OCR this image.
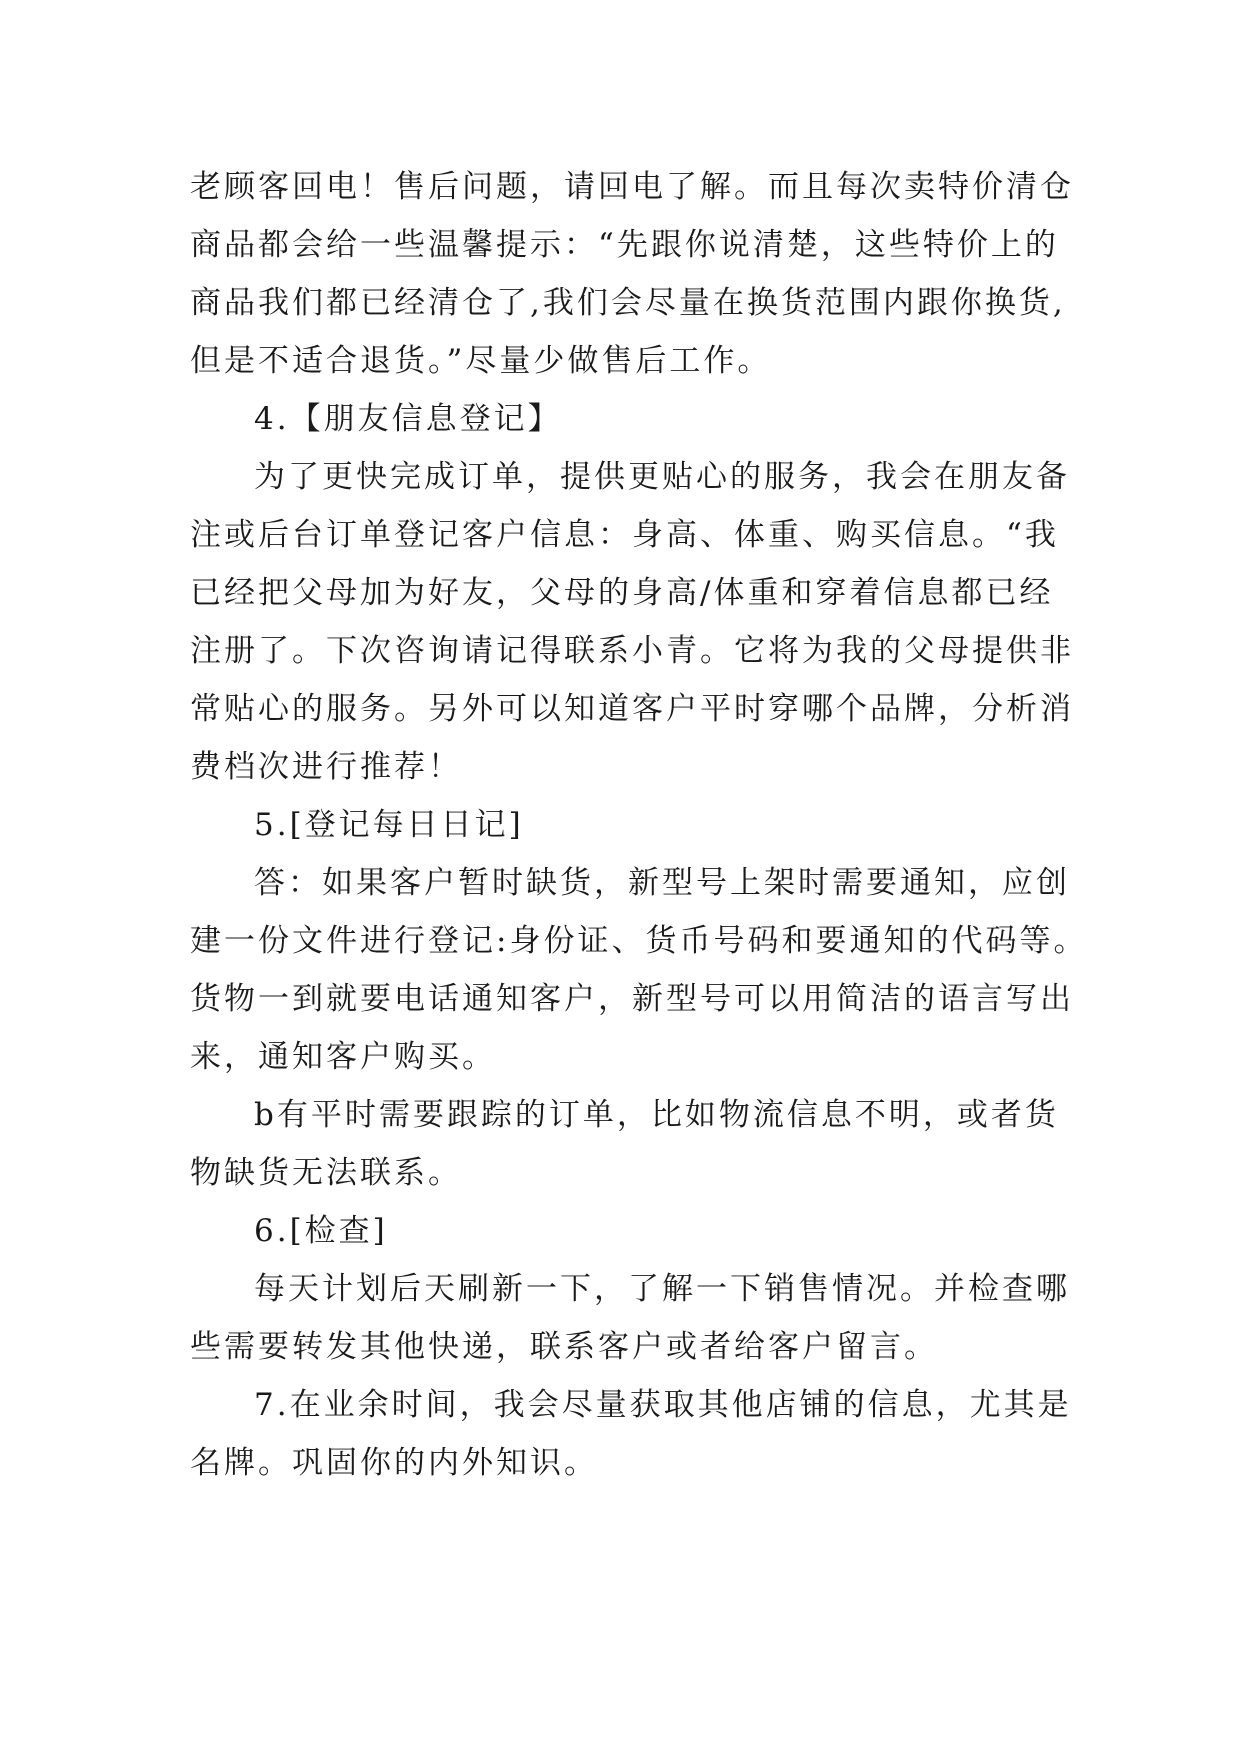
老顾客回电！售后问题，请回电了解。而且每次卖特价清仓
商品都会给一些温馨提示：“先跟你说清楚，这些特价上的
商品我们都已经清仓了,我们会尽量在换货范围内跟你换货,
但是不适合退货。”尽量少做售后工作。
4.【朋友信息登记】
为了更快完成订单，提供更贴心的服务，我会在朋友备
注或后台订单登记客户信息：身高、体重、购买信息。“我
已经把父母加为好友，父母的身高/体重和穿着信息都已经
注册了。下次咨询请记得联系小青。它将为我的父母提供非
常贴心的服务。另外可以知道客户平时穿哪个品牌，分析消
费档次进行推荐！
5.[登记每日日记]
答：如果客户暂时缺货，新型号上架时需要通知，应创
建一份文件进行登记:身份证、货币号码和要通知的代码等。
货物一到就要电话通知客户，新型号可以用简洁的语言写出
来，通知客户购买。
b有平时需要跟踪的订单，比如物流信息不明，或者货
物缺货无法联系。
6.[检查]
每天计划后天刷新一下，了解一下销售情况。并检查哪
些需要转发其他快递，联系客户或者给客户留言。
7.在业余时间，我会尽量获取其他店铺的信息，尤其是
名牌。巩固你的内外知识。
